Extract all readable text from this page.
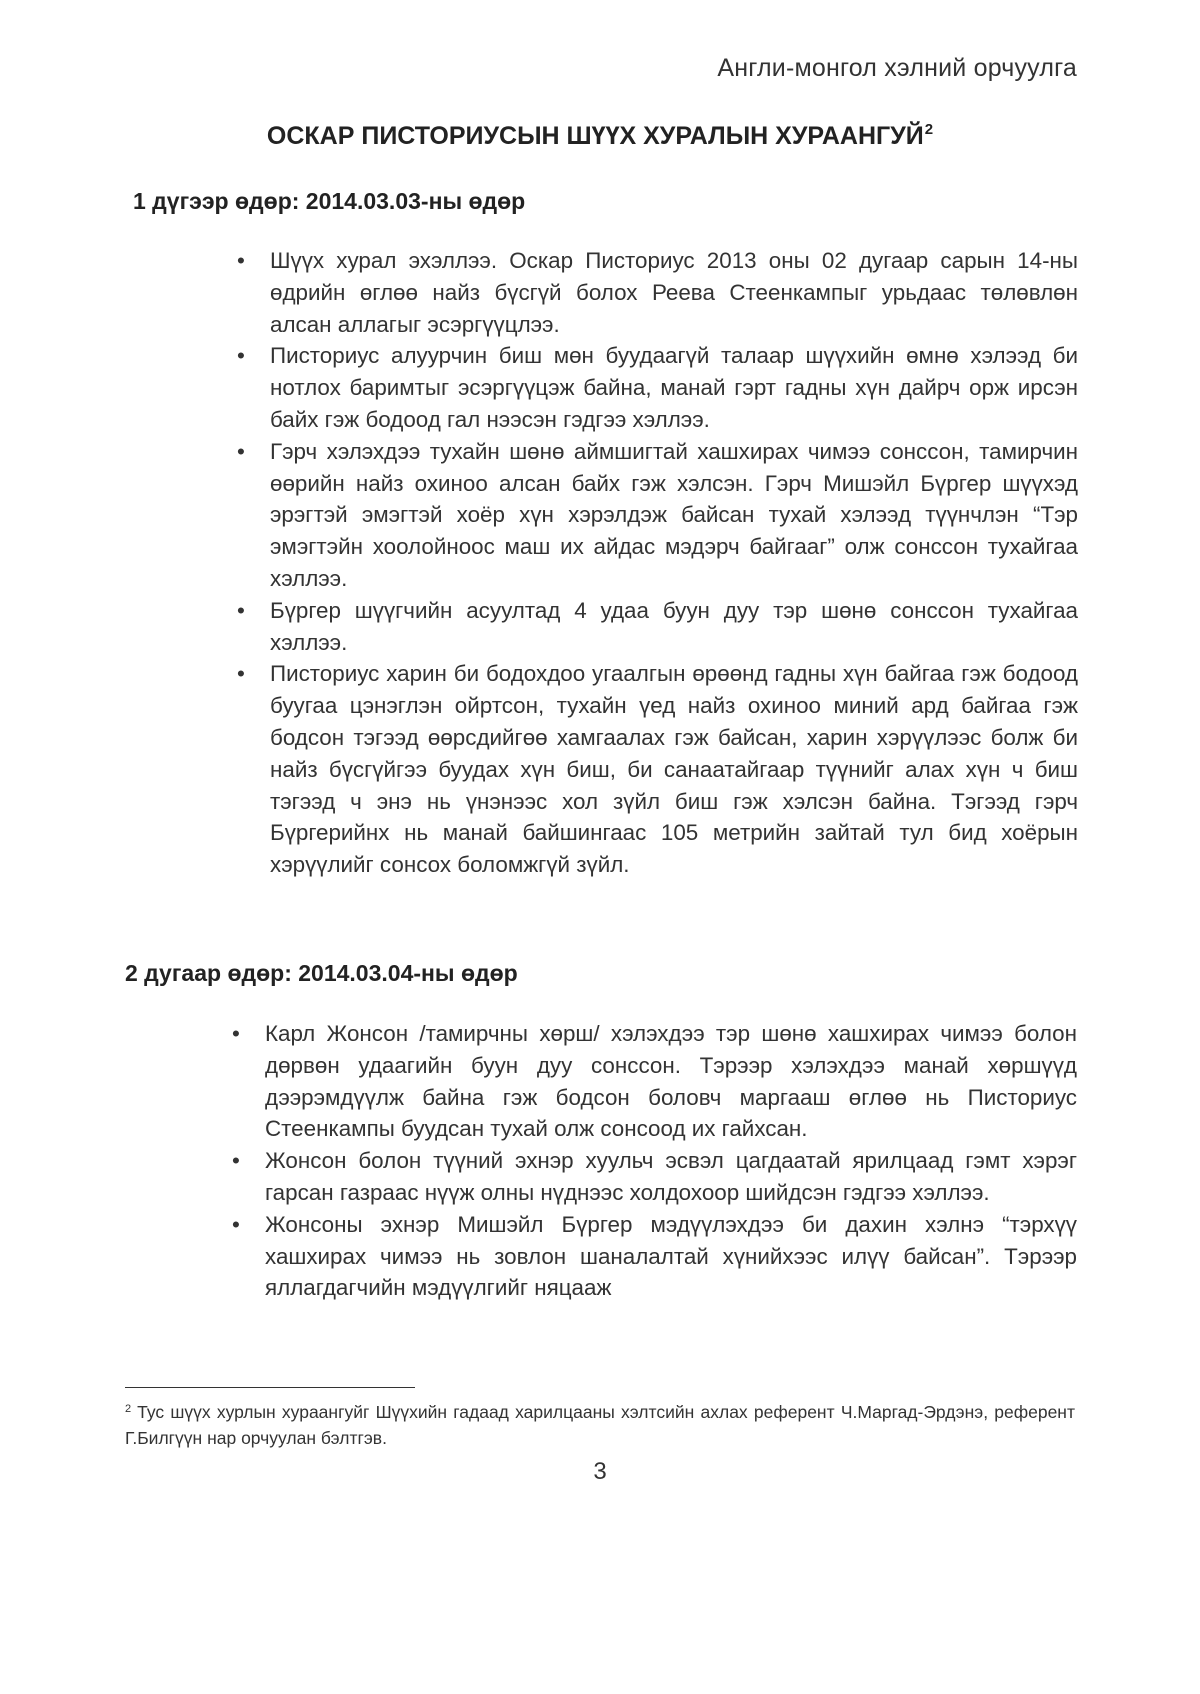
Англи-монгол хэлний орчуулга
ОСКАР ПИСТОРИУСЫН ШҮҮХ ХУРАЛЫН ХУРААНГУЙ$^2$
1 дүгээр өдөр: 2014.03.03-ны өдөр
• Шүүх хурал эхэллээ. Оскар Писториус 2013 оны 02 дугаар сарын 14-ны өдрийн өглөө найз бүсгүй болох Реева Стеенкампыг урьдаас төлөвлөн алсан аллагыг эсэргүүцлээ.
• Писториус алуурчин биш мөн буудаагүй талаар шүүхийн өмнө хэлээд би нотлох баримтыг эсэргүүцэж байна, манай гэрт гадны хүн дайрч орж ирсэн байх гэж бодоод гал нээсэн гэдгээ хэллээ.
• Гэрч хэлэхдээ тухайн шөнө аймшигтай хашхирах чимээ сонссон, тамирчин өөрийн найз охиноо алсан байх гэж хэлсэн. Гэрч Мишэйл Бүргер шүүхэд эрэгтэй эмэгтэй хоёр хүн хэрэлдэж байсан тухай хэлээд түүнчлэн “Тэр эмэгтэйн хоолойноос маш их айдас мэдэрч байгааг” олж сонссон тухайгаа хэллээ.
• Бүргер шүүгчийн асуултад 4 удаа буун дуу тэр шөнө сонссон тухайгаа хэллээ.
• Писториус харин би бодохдоо угаалгын өрөөнд гадны хүн байгаа гэж бодоод буугаа цэнэглэн ойртсон, тухайн үед найз охиноо миний ард байгаа гэж бодсон тэгээд өөрсдийгөө хамгаалах гэж байсан, харин хэрүүлээс болж би найз бүсгүйгээ буудах хүн биш, би санаатайгаар түүнийг алах хүн ч биш тэгээд ч энэ нь үнэнээс хол зүйл биш гэж хэлсэн байна. Тэгээд гэрч Бүргерийнх нь манай байшингаас 105 метрийн зайтай тул бид хоёрын хэрүүлийг сонсох боломжгүй зүйл.
2 дугаар өдөр: 2014.03.04-ны өдөр
• Карл Жонсон /тамирчны хөрш/ хэлэхдээ тэр шөнө хашхирах чимээ болон дөрвөн удаагийн буун дуу сонссон. Тэрээр хэлэхдээ манай хөршүүд дээрэмдүүлж байна гэж бодсон боловч маргааш өглөө нь Писториус Стеенкампы буудсан тухай олж сонсоод их гайхсан.
• Жонсон болон түүний эхнэр хуульч эсвэл цагдаатай ярилцаад гэмт хэрэг гарсан газраас нүүж олны нүднээс холдохоор шийдсэн гэдгээ хэллээ.
• Жонсоны эхнэр Мишэйл Бүргер мэдүүлэхдээ би дахин хэлнэ “тэрхүү хашхирах чимээ нь зовлон шаналалтай хүнийхээс илүү байсан”. Тэрээр яллагдагчийн мэдүүлгийг няцааж
$^2$ Тус шүүх хурлын хураангуйг Шүүхийн гадаад харилцааны хэлтсийн ахлах референт Ч.Маргад-Эрдэнэ, референт Г.Билгүүн нар орчуулан бэлтгэв.
3
